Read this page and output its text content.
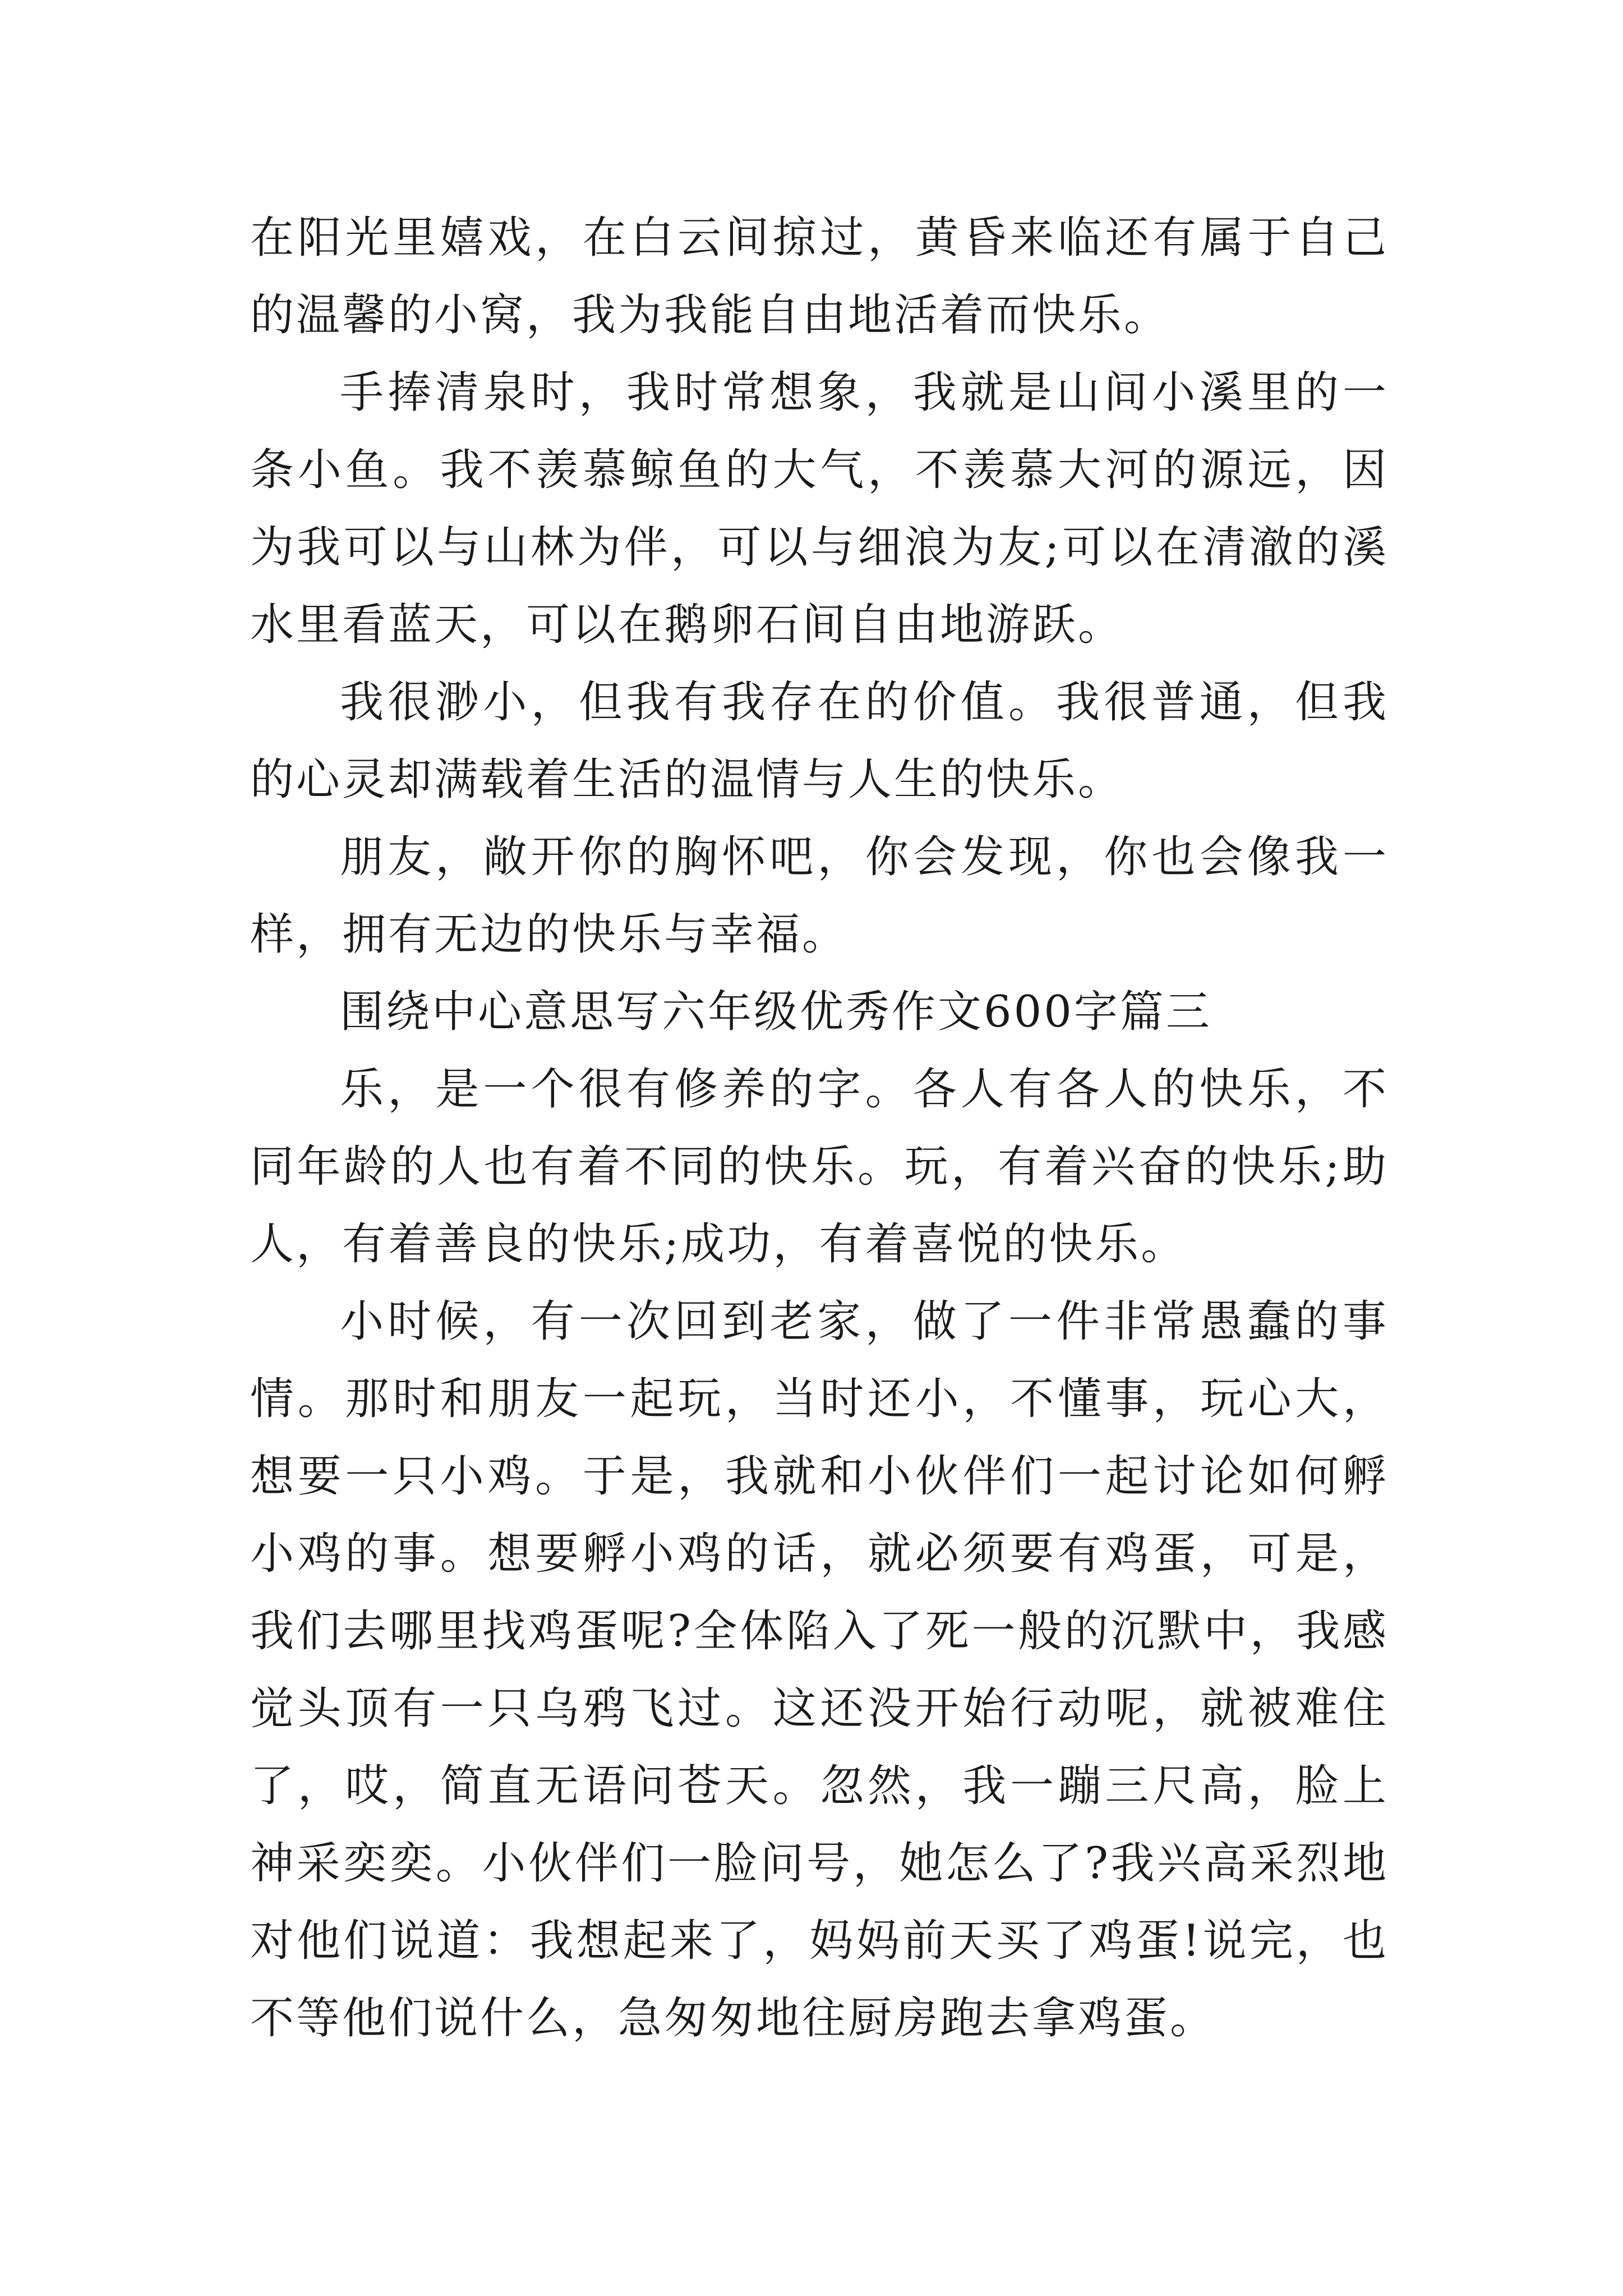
在阳光里嬉戏，在白云间掠过，黄昏来临还有属于自己的温馨的小窝，我为我能自由地活着而快乐。

手捧清泉时，我时常想象，我就是山间小溪里的一条小鱼。我不羡慕鲸鱼的大气，不羡慕大河的源远，因为我可以与山林为伴，可以与细浪为友;可以在清澈的溪水里看蓝天，可以在鹅卵石间自由地游跃。

我很渺小，但我有我存在的价值。我很普通，但我的心灵却满载着生活的温情与人生的快乐。

朋友，敞开你的胸怀吧，你会发现，你也会像我一样，拥有无边的快乐与幸福。

围绕中心意思写六年级优秀作文600字篇三

乐，是一个很有修养的字。各人有各人的快乐，不同年龄的人也有着不同的快乐。玩，有着兴奋的快乐;助人，有着善良的快乐;成功，有着喜悦的快乐。

小时候，有一次回到老家，做了一件非常愚蠢的事情。那时和朋友一起玩，当时还小，不懂事，玩心大，想要一只小鸡。于是，我就和小伙伴们一起讨论如何孵小鸡的事。想要孵小鸡的话，就必须要有鸡蛋，可是，我们去哪里找鸡蛋呢?全体陷入了死一般的沉默中，我感觉头顶有一只乌鸦飞过。这还没开始行动呢，就被难住了，哎，简直无语问苍天。忽然，我一蹦三尺高，脸上神采奕奕。小伙伴们一脸问号，她怎么了?我兴高采烈地对他们说道：我想起来了，妈妈前天买了鸡蛋!说完，也不等他们说什么，急匆匆地往厨房跑去拿鸡蛋。
